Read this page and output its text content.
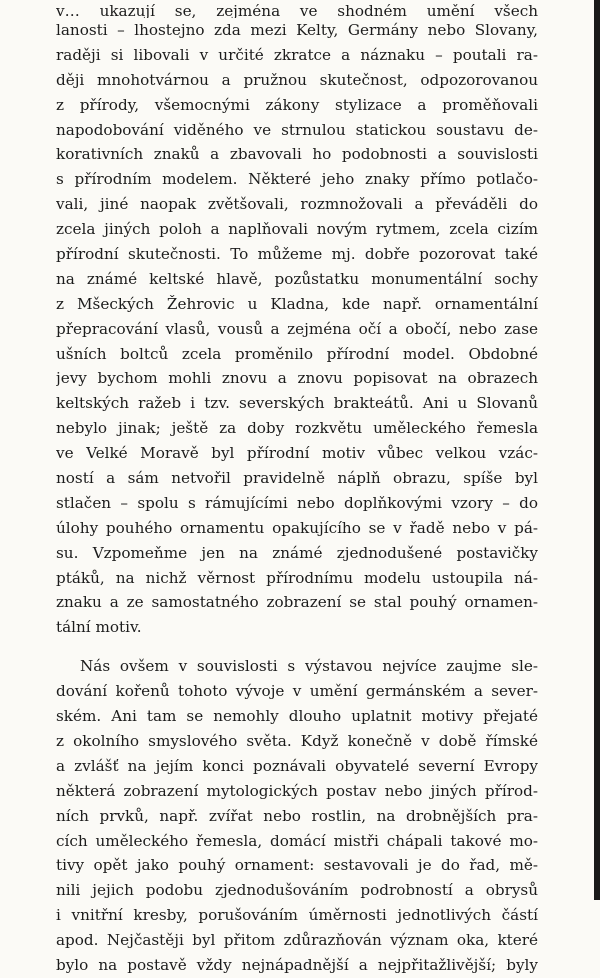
v… ukazují se, zejména ve shodném umění všech
lanosti – lhostejno zda mezi Kelty, Germány nebo Slovany,
raději si libovali v určité zkratce a náznaku – poutali ra-
ději mnohotvárnou a pružnou skutečnost, odpozorovanou
z přírody, všemocnými zákony stylizace a proměňovali
napodobování viděného ve strnulou statickou soustavu de-
korativních znaků a zbavovali ho podobnosti a souvislosti
s přírodním modelem. Některé jeho znaky přímo potlačo-
vali, jiné naopak zvětšovali, rozmnožovali a převáděli do
zcela jiných poloh a naplňovali novým rytmem, zcela cizím
přírodní skutečnosti. To můžeme mj. dobře pozorovat také
na známé keltské hlavě, pozůstatku monumentální sochy
z Mšeckých Žehrovic u Kladna, kde např. ornamentální
přepracování vlasů, vousů a zejména očí a obočí, nebo zase
ušních boltců zcela proměnilo přírodní model. Obdobné
jevy bychom mohli znovu a znovu popisovat na obrazech
keltských ražeb i tzv. severských brakteátů. Ani u Slovanů
nebylo jinak; ještě za doby rozkvětu uměleckého řemesla
ve Velké Moravě byl přírodní motiv vůbec velkou vzác-
ností a sám netvořil pravidelně náplň obrazu, spíše byl
stlačen – spolu s rámujícími nebo doplňkovými vzory – do
úlohy pouhého ornamentu opakujícího se v řadě nebo v pá-
su. Vzpomeňme jen na známé zjednodušené postavičky
ptáků, na nichž věrnost přírodnímu modelu ustoupila ná-
znaku a ze samostatného zobrazení se stal pouhý ornamen-
tální motiv.
Nás ovšem v souvislosti s výstavou nejvíce zaujme sle-
dování kořenů tohoto vývoje v umění germánském a sever-
ském. Ani tam se nemohly dlouho uplatnit motivy přejaté
z okolního smyslového světa. Když konečně v době římské
a zvlášť na jejím konci poznávali obyvatelé severní Evropy
některá zobrazení mytologických postav nebo jiných přírod-
ních prvků, např. zvířat nebo rostlin, na drobnějších pra-
cích uměleckého řemesla, domácí mistři chápali takové mo-
tivy opět jako pouhý ornament: sestavovali je do řad, mě-
nili jejich podobu zjednodušováním podrobností a obrysů
i vnitřní kresby, porušováním úměrnosti jednotlivých částí
apod. Nejčastěji byl přitom zdůrazňován význam oka, které
bylo na postavě vždy nejnápadnější a nejpřitažlivější; byly
